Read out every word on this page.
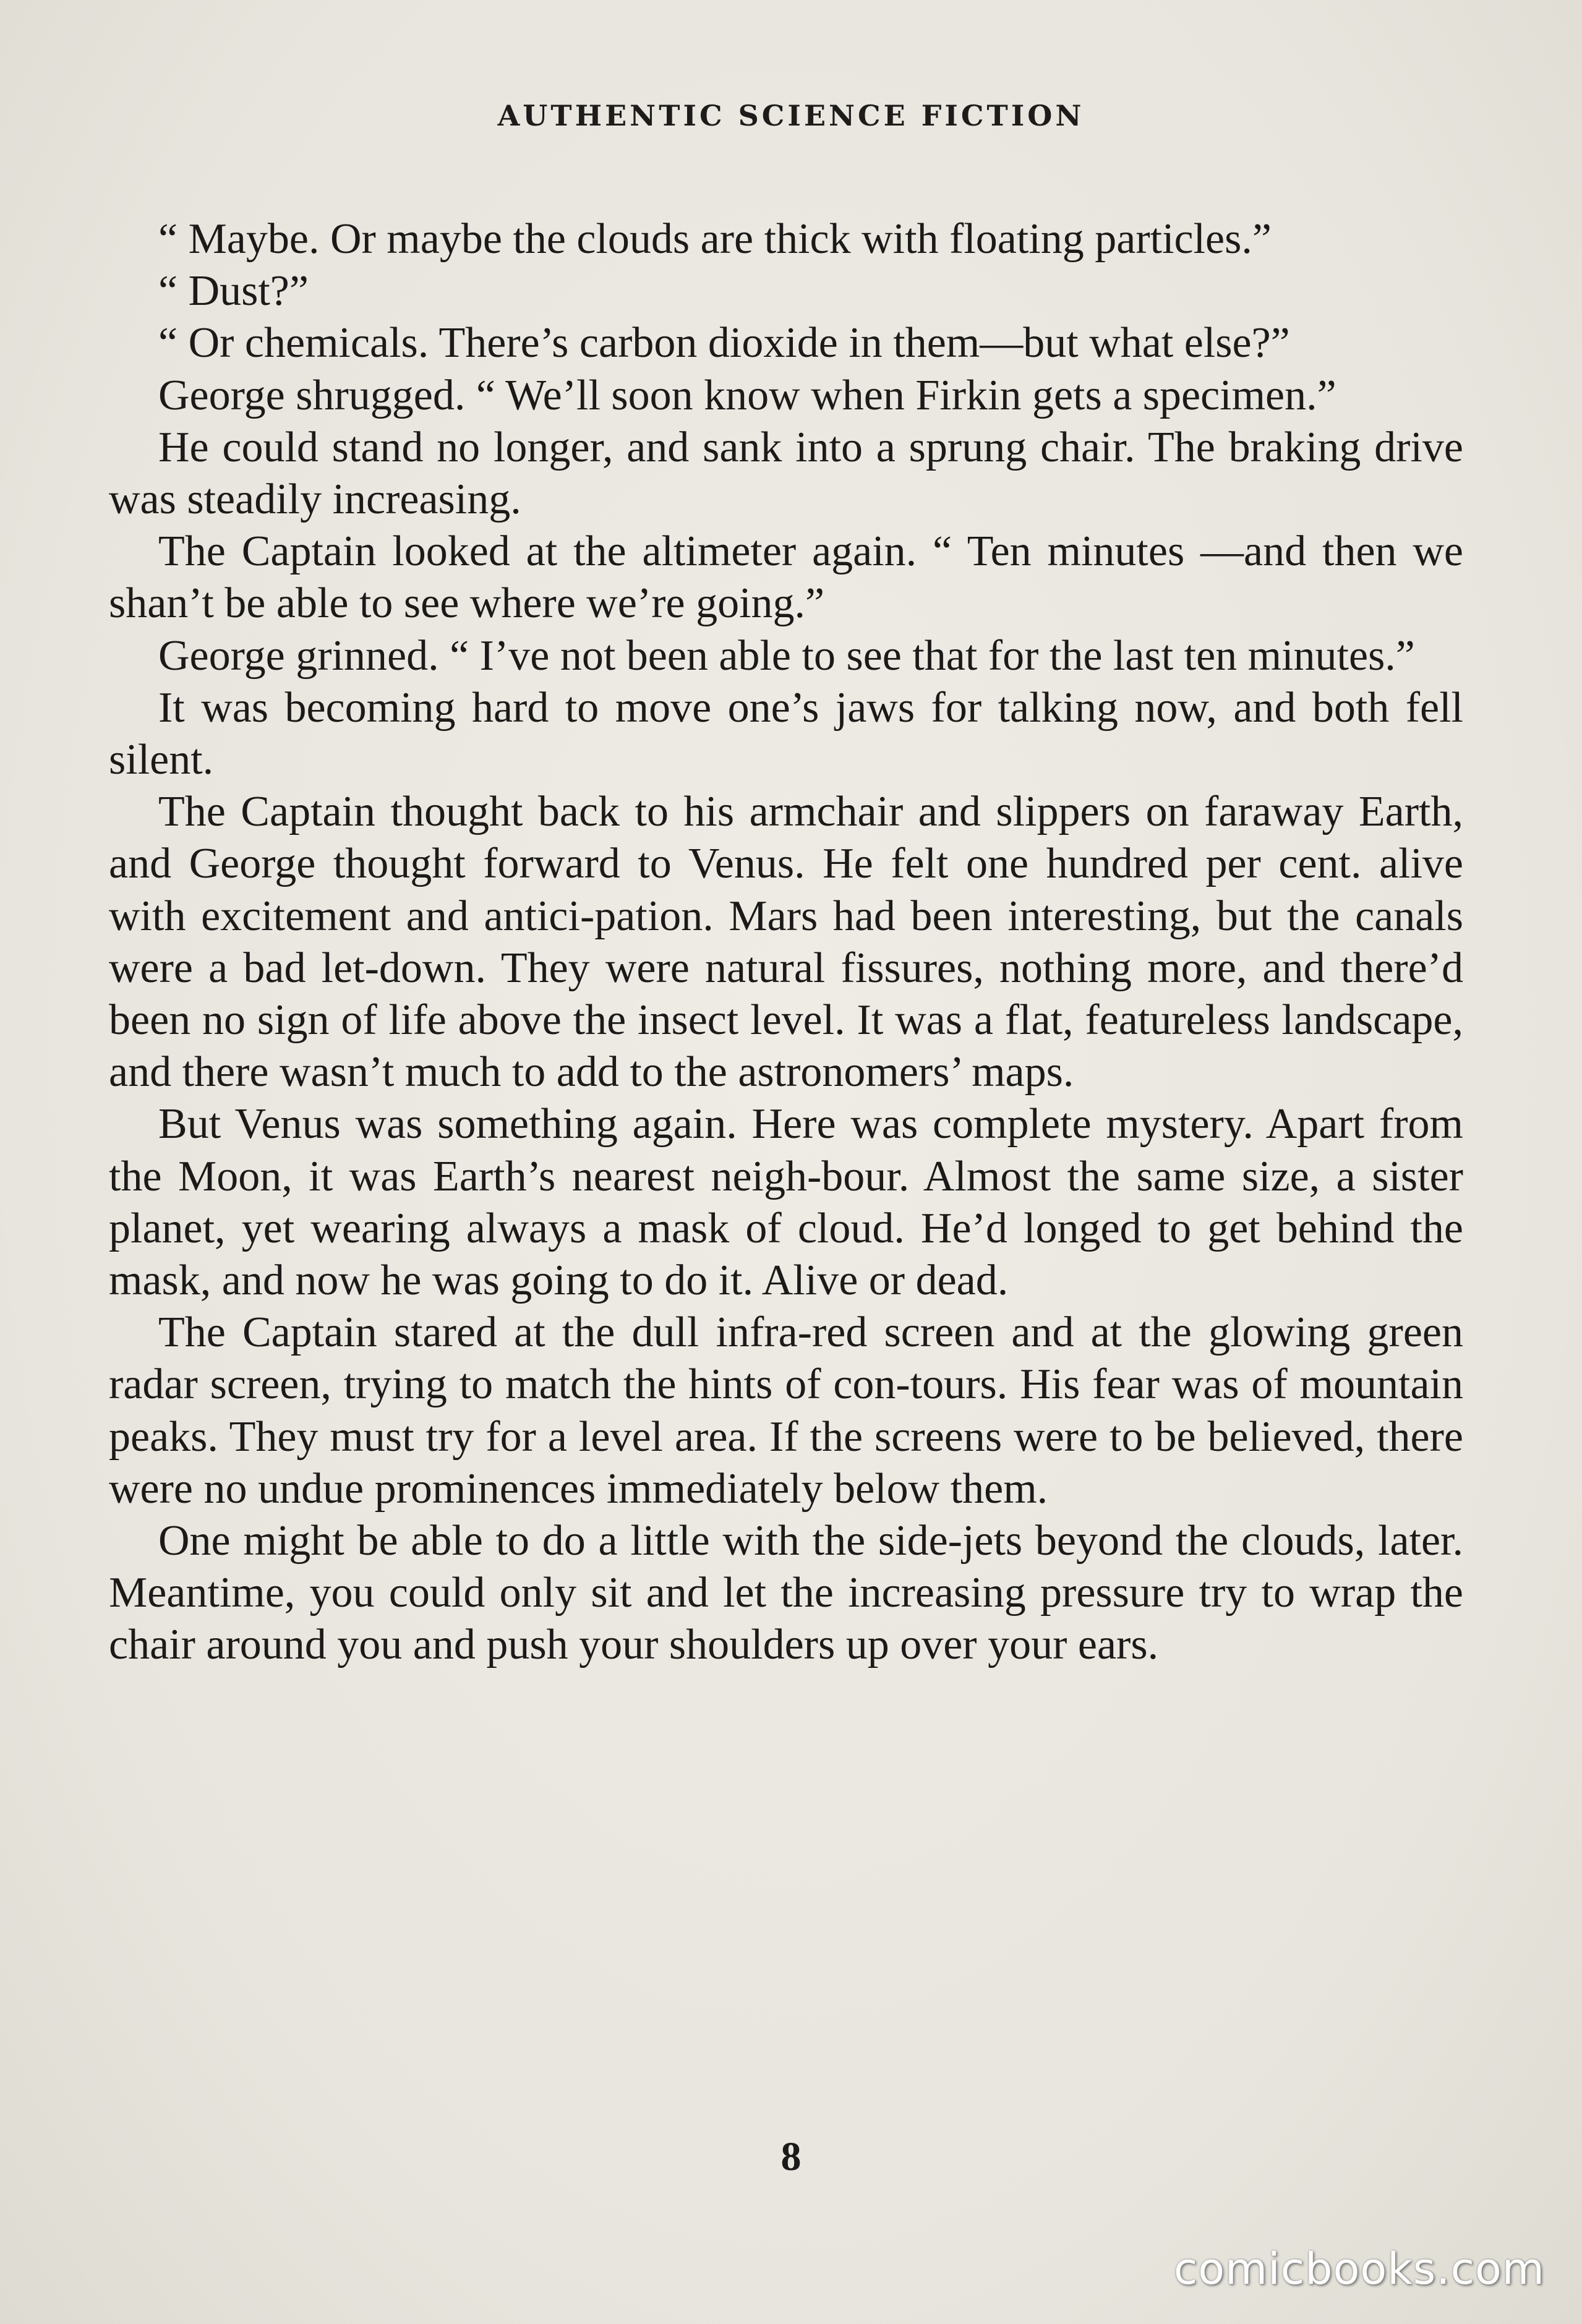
AUTHENTIC SCIENCE FICTION

“ Maybe. Or maybe the clouds are thick with floating particles.”

“ Dust?”

“ Or chemicals. There’s carbon dioxide in them—but what else?”

George shrugged. “ We’ll soon know when Firkin gets a specimen.”

He could stand no longer, and sank into a sprung chair. The braking drive was steadily increasing.

The Captain looked at the altimeter again. “ Ten minutes —and then we shan’t be able to see where we’re going.”

George grinned. “ I’ve not been able to see that for the last ten minutes.”

It was becoming hard to move one’s jaws for talking now, and both fell silent.

The Captain thought back to his armchair and slippers on faraway Earth, and George thought forward to Venus. He felt one hundred per cent. alive with excitement and antici-pation. Mars had been interesting, but the canals were a bad let-down. They were natural fissures, nothing more, and there’d been no sign of life above the insect level. It was a flat, featureless landscape, and there wasn’t much to add to the astronomers’ maps.

But Venus was something again. Here was complete mystery. Apart from the Moon, it was Earth’s nearest neigh-bour. Almost the same size, a sister planet, yet wearing always a mask of cloud. He’d longed to get behind the mask, and now he was going to do it. Alive or dead.

The Captain stared at the dull infra-red screen and at the glowing green radar screen, trying to match the hints of con-tours. His fear was of mountain peaks. They must try for a level area. If the screens were to be believed, there were no undue prominences immediately below them.

One might be able to do a little with the side-jets beyond the clouds, later. Meantime, you could only sit and let the increasing pressure try to wrap the chair around you and push your shoulders up over your ears.

8
comicbooks.com
